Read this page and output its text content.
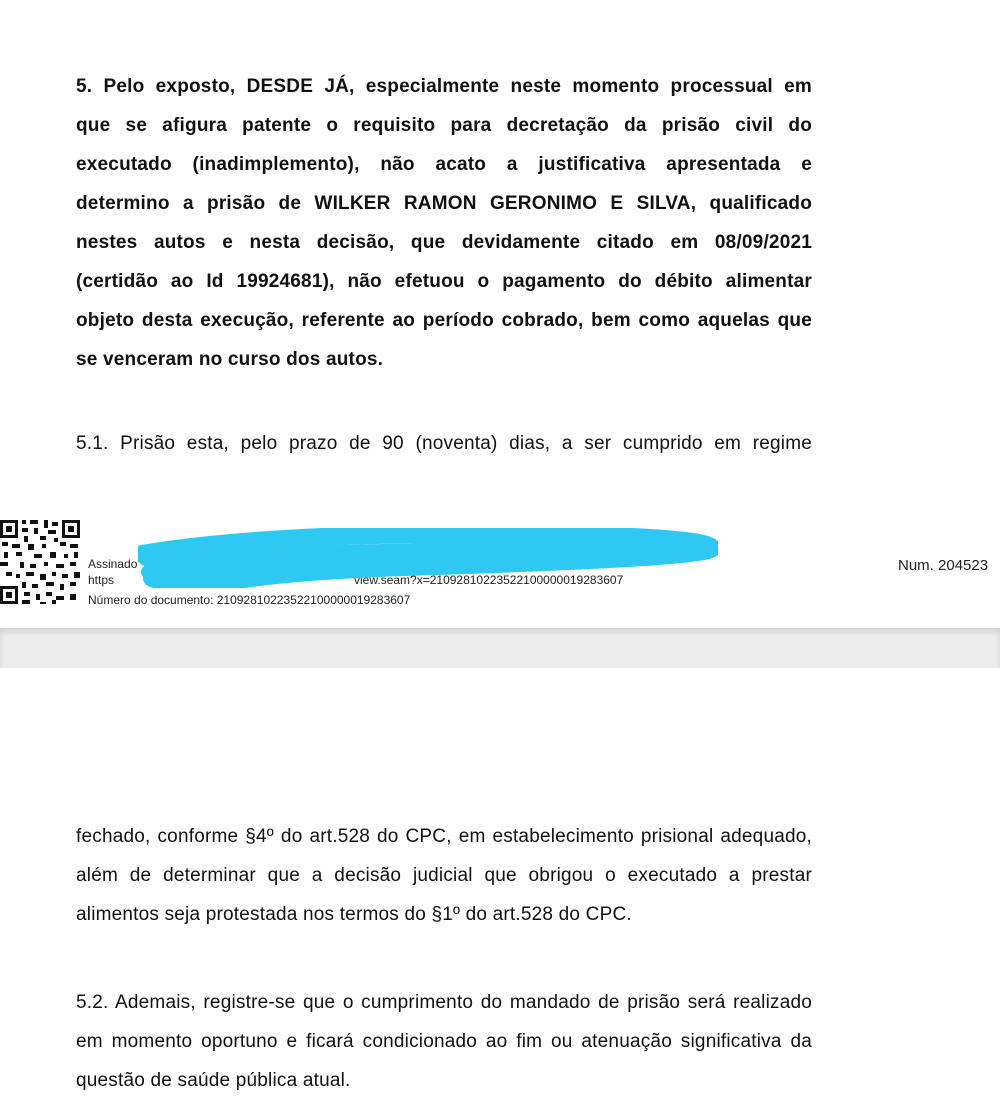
5. Pelo exposto, DESDE JÁ, especialmente neste momento processual em
que se afigura patente o requisito para decretação da prisão civil do
executado (inadimplemento), não acato a justificativa apresentada e
determino a prisão de WILKER RAMON GERONIMO E SILVA, qualificado
nestes autos e nesta decisão, que devidamente citado em 08/09/2021
(certidão ao Id 19924681), não efetuou o pagamento do débito alimentar
objeto desta execução, referente ao período cobrado, bem como aquelas que
se venceram no curso dos autos.

5.1. Prisão esta, pelo prazo de 90 (noventa) dias, a ser cumprido em regime

Assinado
https	view.seam?x=21092810223522100000019283607
Número do documento: 21092810223522100000019283607
Num. 204523

fechado, conforme §4º do art.528 do CPC, em estabelecimento prisional adequado,
além de determinar que a decisão judicial que obrigou o executado a prestar
alimentos seja protestada nos termos do §1º do art.528 do CPC.

5.2. Ademais, registre-se que o cumprimento do mandado de prisão será realizado
em momento oportuno e ficará condicionado ao fim ou atenuação significativa da
questão de saúde pública atual.
